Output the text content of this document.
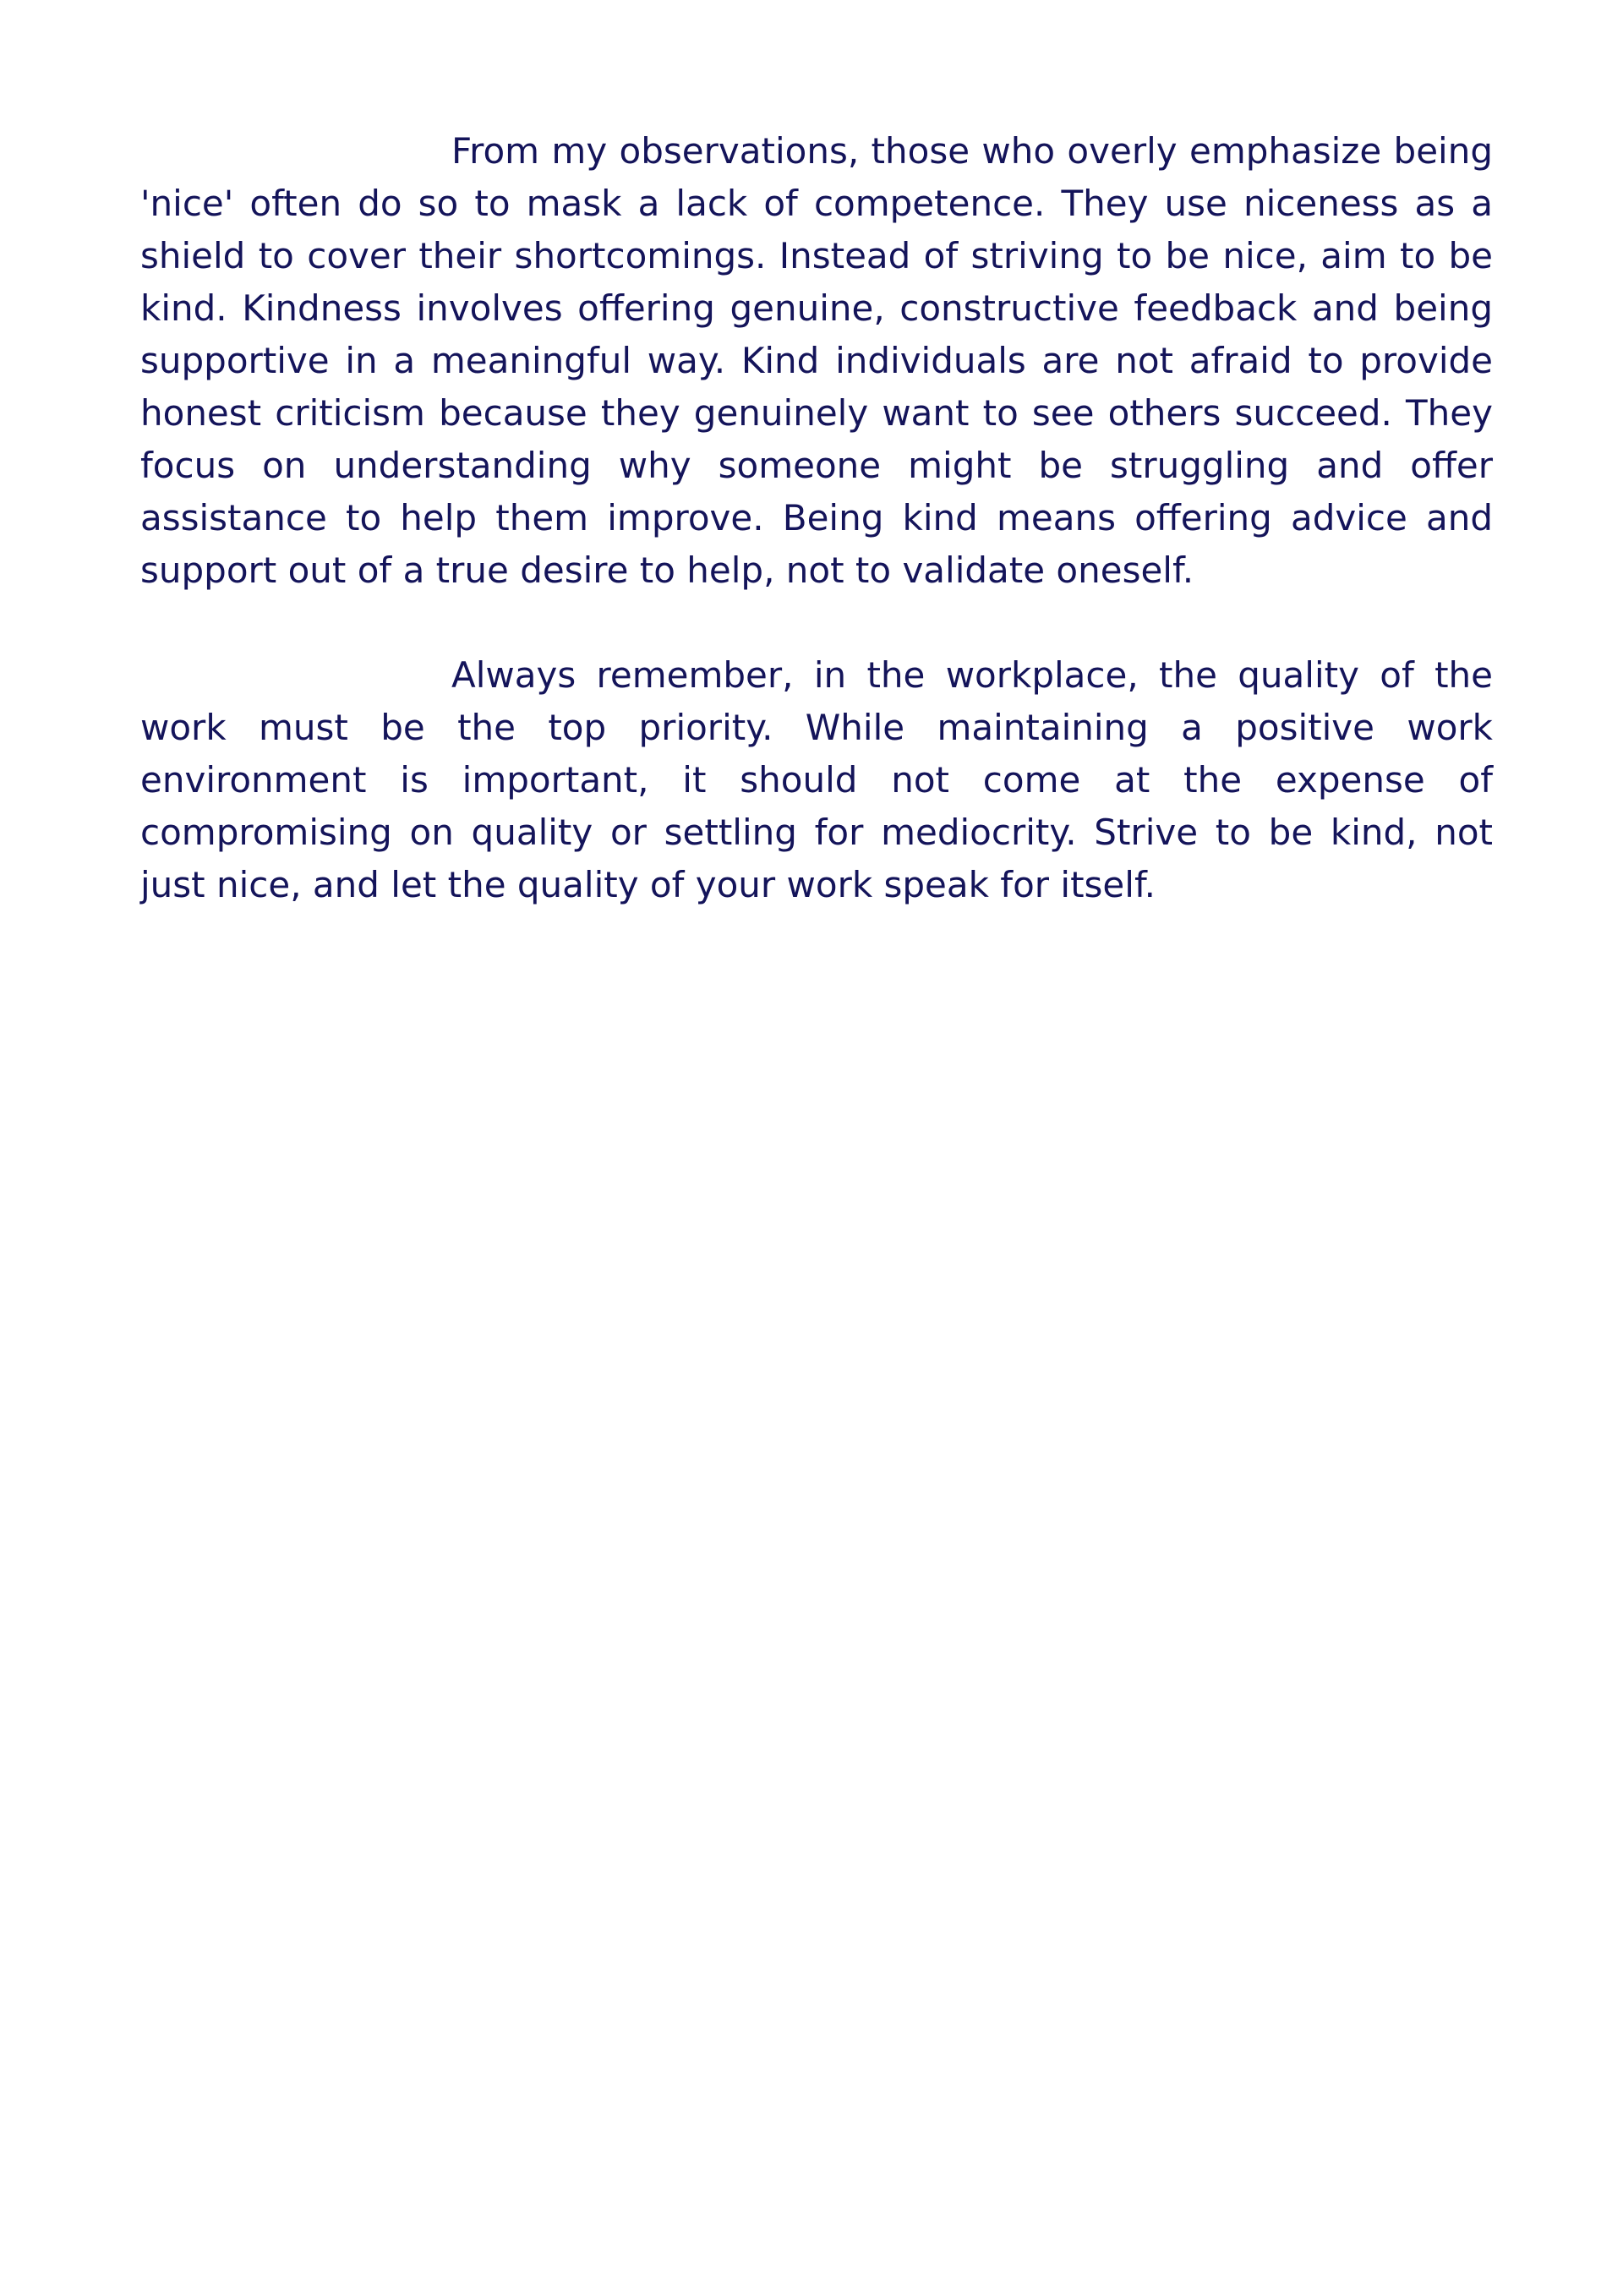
From my observations, those who overly emphasize being 'nice' often do so to mask a lack of competence. They use niceness as a shield to cover their shortcomings. Instead of striving to be nice, aim to be kind. Kindness involves offering genuine, constructive feedback and being supportive in a meaningful way. Kind individuals are not afraid to provide honest criticism because they genuinely want to see others succeed. They focus on understanding why someone might be struggling and offer assistance to help them improve. Being kind means offering advice and support out of a true desire to help, not to validate oneself.

Always remember, in the workplace, the quality of the work must be the top priority. While maintaining a positive work environment is important, it should not come at the expense of compromising on quality or settling for mediocrity. Strive to be kind, not just nice, and let the quality of your work speak for itself.
